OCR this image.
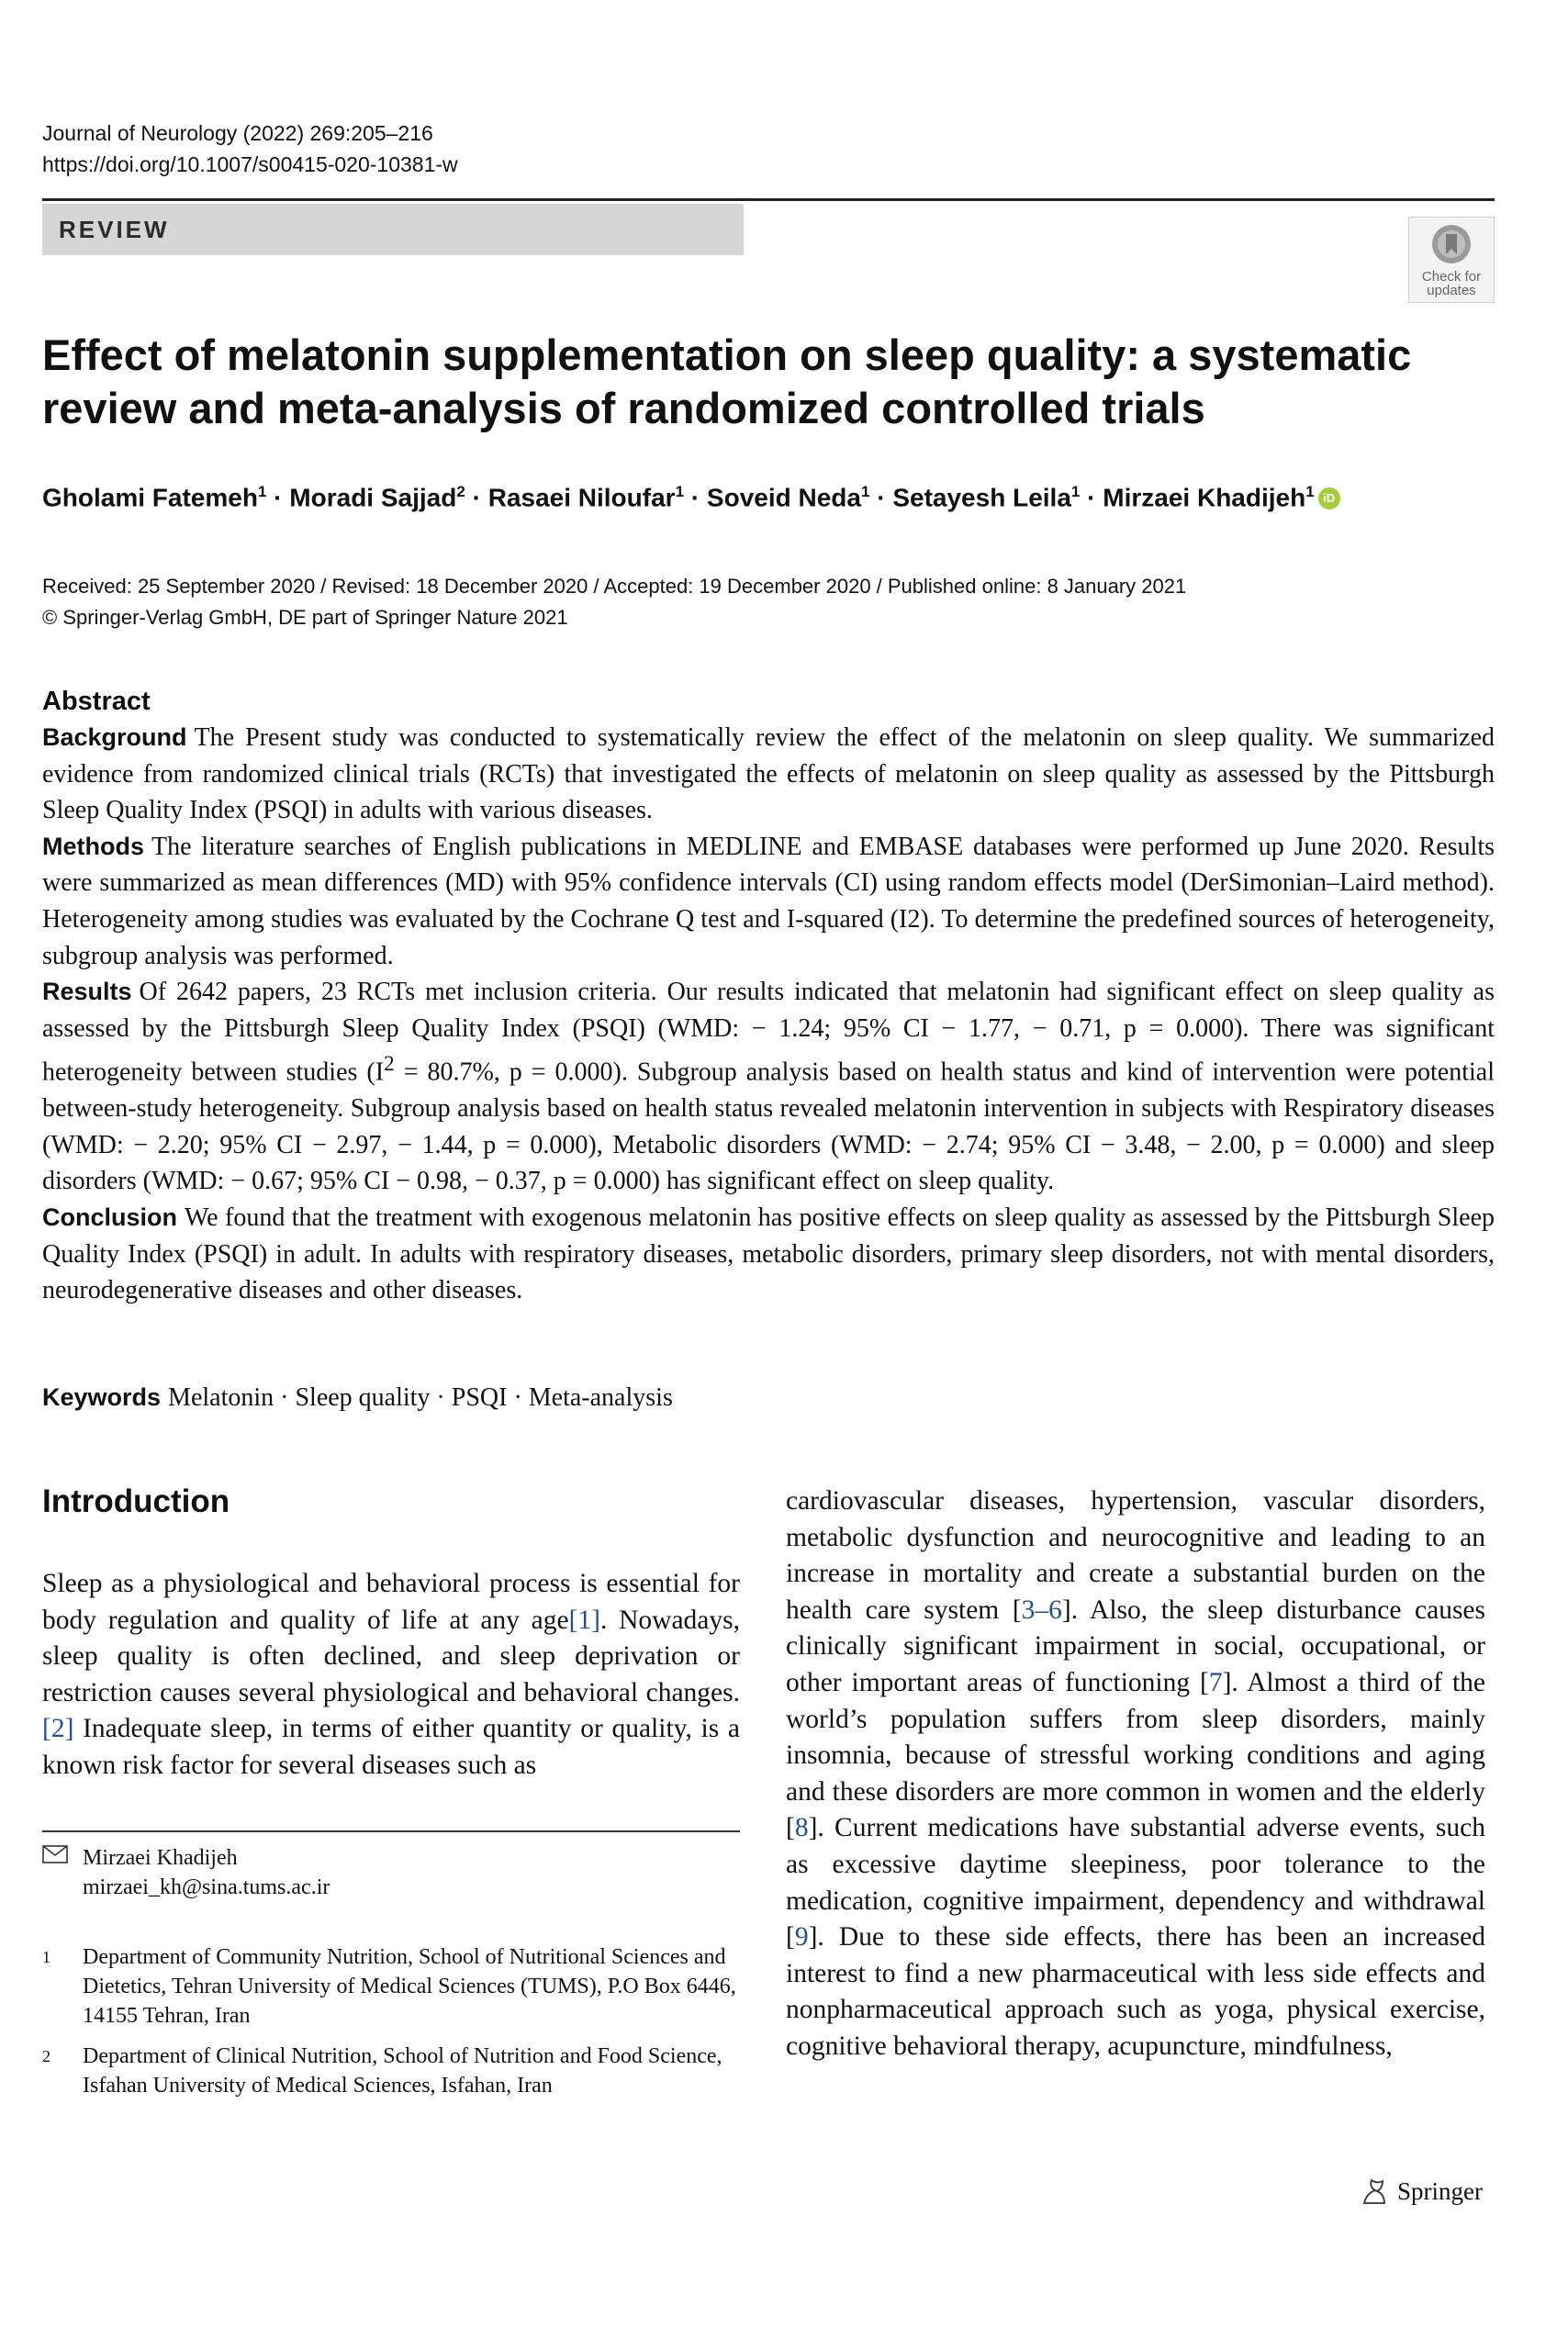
Journal of Neurology (2022) 269:205–216
https://doi.org/10.1007/s00415-020-10381-w
REVIEW
Check for
updates
Effect of melatonin supplementation on sleep quality: a systematic review and meta-analysis of randomized controlled trials
Gholami Fatemeh$^1$ · Moradi Sajjad$^2$ · Rasaei Niloufar$^1$ · Soveid Neda$^1$ · Setayesh Leila$^1$ · Mirzaei Khadijeh$^1$ iD
Received: 25 September 2020 / Revised: 18 December 2020 / Accepted: 19 December 2020 / Published online: 8 January 2021
© Springer-Verlag GmbH, DE part of Springer Nature 2021
Abstract

Background The Present study was conducted to systematically review the effect of the melatonin on sleep quality. We summarized evidence from randomized clinical trials (RCTs) that investigated the effects of melatonin on sleep quality as assessed by the Pittsburgh Sleep Quality Index (PSQI) in adults with various diseases.

Methods The literature searches of English publications in MEDLINE and EMBASE databases were performed up June 2020. Results were summarized as mean differences (MD) with 95% confidence intervals (CI) using random effects model (DerSimonian–Laird method). Heterogeneity among studies was evaluated by the Cochrane Q test and I-squared (I2). To determine the predefined sources of heterogeneity, subgroup analysis was performed.

Results Of 2642 papers, 23 RCTs met inclusion criteria. Our results indicated that melatonin had significant effect on sleep quality as assessed by the Pittsburgh Sleep Quality Index (PSQI) (WMD: − 1.24; 95% CI − 1.77, − 0.71, p = 0.000). There was significant heterogeneity between studies ($I^2 = 80.7\%$, p = 0.000). Subgroup analysis based on health status and kind of intervention were potential between-study heterogeneity. Subgroup analysis based on health status revealed melatonin intervention in subjects with Respiratory diseases (WMD: − 2.20; 95% CI − 2.97, − 1.44, p = 0.000), Metabolic disorders (WMD: − 2.74; 95% CI − 3.48, − 2.00, p = 0.000) and sleep disorders (WMD: − 0.67; 95% CI − 0.98, − 0.37, p = 0.000) has significant effect on sleep quality.

Conclusion We found that the treatment with exogenous melatonin has positive effects on sleep quality as assessed by the Pittsburgh Sleep Quality Index (PSQI) in adult. In adults with respiratory diseases, metabolic disorders, primary sleep disorders, not with mental disorders, neurodegenerative diseases and other diseases.

Keywords Melatonin · Sleep quality · PSQI · Meta-analysis
Introduction

Sleep as a physiological and behavioral process is essential for body regulation and quality of life at any age[1]. Nowadays, sleep quality is often declined, and sleep deprivation or restriction causes several physiological and behavioral changes.[2] Inadequate sleep, in terms of either quantity or quality, is a known risk factor for several diseases such as

Mirzaei Khadijeh
mirzaei_kh@sina.tums.ac.ir
1	Department of Community Nutrition, School of Nutritional Sciences and Dietetics, Tehran University of Medical Sciences (TUMS), P.O Box 6446, 14155 Tehran, Iran
2	Department of Clinical Nutrition, School of Nutrition and Food Science, Isfahan University of Medical Sciences, Isfahan, Iran

cardiovascular diseases, hypertension, vascular disorders, metabolic dysfunction and neurocognitive and leading to an increase in mortality and create a substantial burden on the health care system [3–6]. Also, the sleep disturbance causes clinically significant impairment in social, occupational, or other important areas of functioning [7]. Almost a third of the world’s population suffers from sleep disorders, mainly insomnia, because of stressful working conditions and aging and these disorders are more common in women and the elderly [8]. Current medications have substantial adverse events, such as excessive daytime sleepiness, poor tolerance to the medication, cognitive impairment, dependency and withdrawal [9]. Due to these side effects, there has been an increased interest to find a new pharmaceutical with less side effects and nonpharmaceutical approach such as yoga, physical exercise, cognitive behavioral therapy, acupuncture, mindfulness,

Springer
